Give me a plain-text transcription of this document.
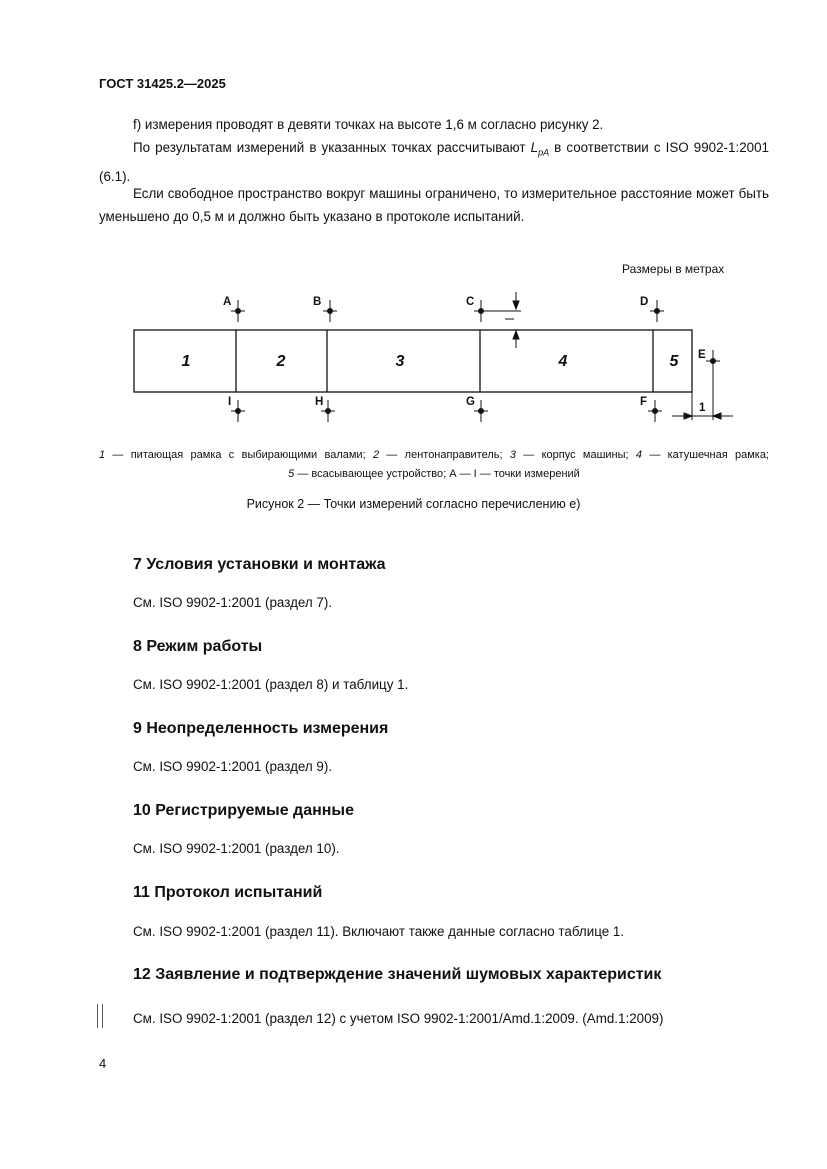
ГОСТ 31425.2—2025
f) измерения проводят в девяти точках на высоте 1,6 м согласно рисунку 2.
По результатам измерений в указанных точках рассчитывают $L_{pA}$ в соответствии с ISO 9902-1:2001 (6.1).
Если свободное пространство вокруг машины ограничено, то измерительное расстояние может быть уменьшено до 0,5 м и должно быть указано в протоколе испытаний.
Размеры в метрах
1	2	3	4	5
A	B	C	D
I	H	G	F
E
1
1 — питающая рамка с выбирающими валами; 2 — лентонаправитель; 3 — корпус машины; 4 — катушечная рамка;
5 — всасывающее устройство; А — I — точки измерений
Рисунок 2 — Точки измерений согласно перечислению е)
7 Условия установки и монтажа
См. ISO 9902-1:2001 (раздел 7).
8 Режим работы
См. ISO 9902-1:2001 (раздел 8) и таблицу 1.
9 Неопределенность измерения
См. ISO 9902-1:2001 (раздел 9).
10 Регистрируемые данные
См. ISO 9902-1:2001 (раздел 10).
11 Протокол испытаний
См. ISO 9902-1:2001 (раздел 11). Включают также данные согласно таблице 1.
12 Заявление и подтверждение значений шумовых характеристик
См. ISO 9902-1:2001 (раздел 12) с учетом ISO 9902-1:2001/Amd.1:2009. (Amd.1:2009)
4
